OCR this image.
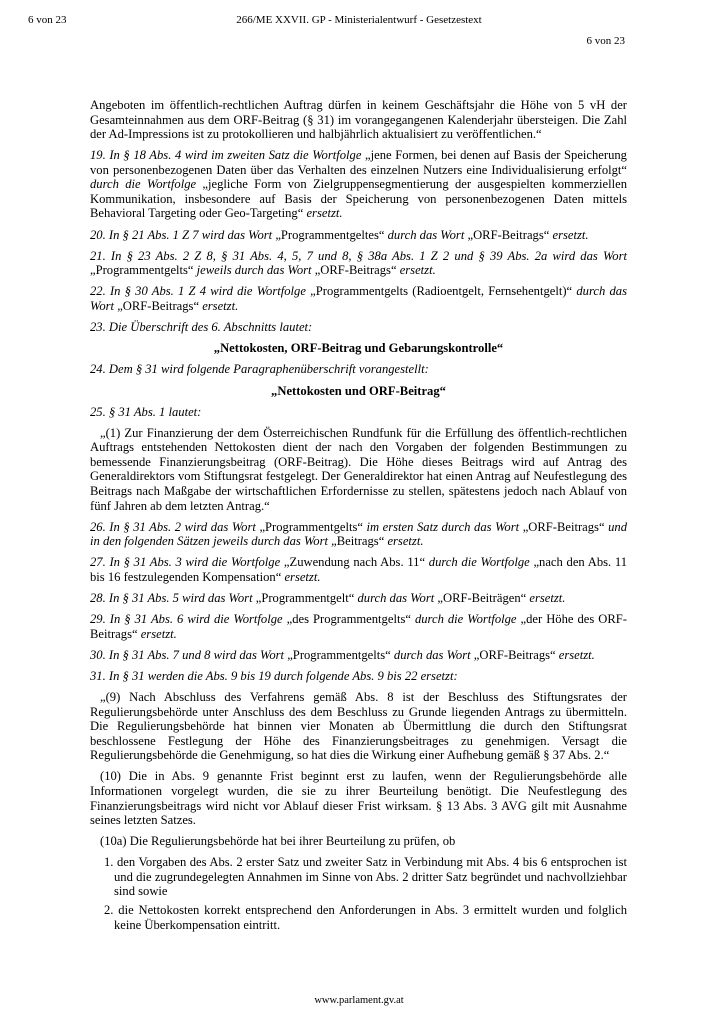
6 von 23	266/ME XXVII. GP - Ministerialentwurf - Gesetzestext
6 von 23

Angeboten im öffentlich-rechtlichen Auftrag dürfen in keinem Geschäftsjahr die Höhe von 5 vH der Gesamteinnahmen aus dem ORF-Beitrag (§ 31) im vorangegangenen Kalenderjahr übersteigen. Die Zahl der Ad-Impressions ist zu protokollieren und halbjährlich aktualisiert zu veröffentlichen.“

19. In § 18 Abs. 4 wird im zweiten Satz die Wortfolge „jene Formen, bei denen auf Basis der Speicherung von personenbezogenen Daten über das Verhalten des einzelnen Nutzers eine Individualisierung erfolgt“ durch die Wortfolge „jegliche Form von Zielgruppensegmentierung der ausgespielten kommerziellen Kommunikation, insbesondere auf Basis der Speicherung von personenbezogenen Daten mittels Behavioral Targeting oder Geo-Targeting“ ersetzt.

20. In § 21 Abs. 1 Z 7 wird das Wort „Programmentgeltes“ durch das Wort „ORF-Beitrags“ ersetzt.

21. In § 23 Abs. 2 Z 8, § 31 Abs. 4, 5, 7 und 8, § 38a Abs. 1 Z 2 und § 39 Abs. 2a wird das Wort „Programmentgelts“ jeweils durch das Wort „ORF-Beitrags“ ersetzt.

22. In § 30 Abs. 1 Z 4 wird die Wortfolge „Programmentgelts (Radioentgelt, Fernsehentgelt)“ durch das Wort „ORF-Beitrags“ ersetzt.

23. Die Überschrift des 6. Abschnitts lautet:

„Nettokosten, ORF-Beitrag und Gebarungskontrolle“

24. Dem § 31 wird folgende Paragraphenüberschrift vorangestellt:

„Nettokosten und ORF-Beitrag“

25. § 31 Abs. 1 lautet:

„(1) Zur Finanzierung der dem Österreichischen Rundfunk für die Erfüllung des öffentlich-rechtlichen Auftrags entstehenden Nettokosten dient der nach den Vorgaben der folgenden Bestimmungen zu bemessende Finanzierungsbeitrag (ORF-Beitrag). Die Höhe dieses Beitrags wird auf Antrag des Generaldirektors vom Stiftungsrat festgelegt. Der Generaldirektor hat einen Antrag auf Neufestlegung des Beitrags nach Maßgabe der wirtschaftlichen Erfordernisse zu stellen, spätestens jedoch nach Ablauf von fünf Jahren ab dem letzten Antrag.“

26. In § 31 Abs. 2 wird das Wort „Programmentgelts“ im ersten Satz durch das Wort „ORF-Beitrags“ und in den folgenden Sätzen jeweils durch das Wort „Beitrags“ ersetzt.

27. In § 31 Abs. 3 wird die Wortfolge „Zuwendung nach Abs. 11“ durch die Wortfolge „nach den Abs. 11 bis 16 festzulegenden Kompensation“ ersetzt.

28. In § 31 Abs. 5 wird das Wort „Programmentgelt“ durch das Wort „ORF-Beiträgen“ ersetzt.

29. In § 31 Abs. 6 wird die Wortfolge „des Programmentgelts“ durch die Wortfolge „der Höhe des ORF-Beitrags“ ersetzt.

30. In § 31 Abs. 7 und 8 wird das Wort „Programmentgelts“ durch das Wort „ORF-Beitrags“ ersetzt.

31. In § 31 werden die Abs. 9 bis 19 durch folgende Abs. 9 bis 22 ersetzt:

„(9) Nach Abschluss des Verfahrens gemäß Abs. 8 ist der Beschluss des Stiftungsrates der Regulierungsbehörde unter Anschluss des dem Beschluss zu Grunde liegenden Antrags zu übermitteln. Die Regulierungsbehörde hat binnen vier Monaten ab Übermittlung die durch den Stiftungsrat beschlossene Festlegung der Höhe des Finanzierungsbeitrages zu genehmigen. Versagt die Regulierungsbehörde die Genehmigung, so hat dies die Wirkung einer Aufhebung gemäß § 37 Abs. 2.“

(10) Die in Abs. 9 genannte Frist beginnt erst zu laufen, wenn der Regulierungsbehörde alle Informationen vorgelegt wurden, die sie zu ihrer Beurteilung benötigt. Die Neufestlegung des Finanzierungsbeitrags wird nicht vor Ablauf dieser Frist wirksam. § 13 Abs. 3 AVG gilt mit Ausnahme seines letzten Satzes.

(10a) Die Regulierungsbehörde hat bei ihrer Beurteilung zu prüfen, ob

1. den Vorgaben des Abs. 2 erster Satz und zweiter Satz in Verbindung mit Abs. 4 bis 6 entsprochen ist und die zugrundegelegten Annahmen im Sinne von Abs. 2 dritter Satz begründet und nachvollziehbar sind sowie

2. die Nettokosten korrekt entsprechend den Anforderungen in Abs. 3 ermittelt wurden und folglich keine Überkompensation eintritt.

www.parlament.gv.at
